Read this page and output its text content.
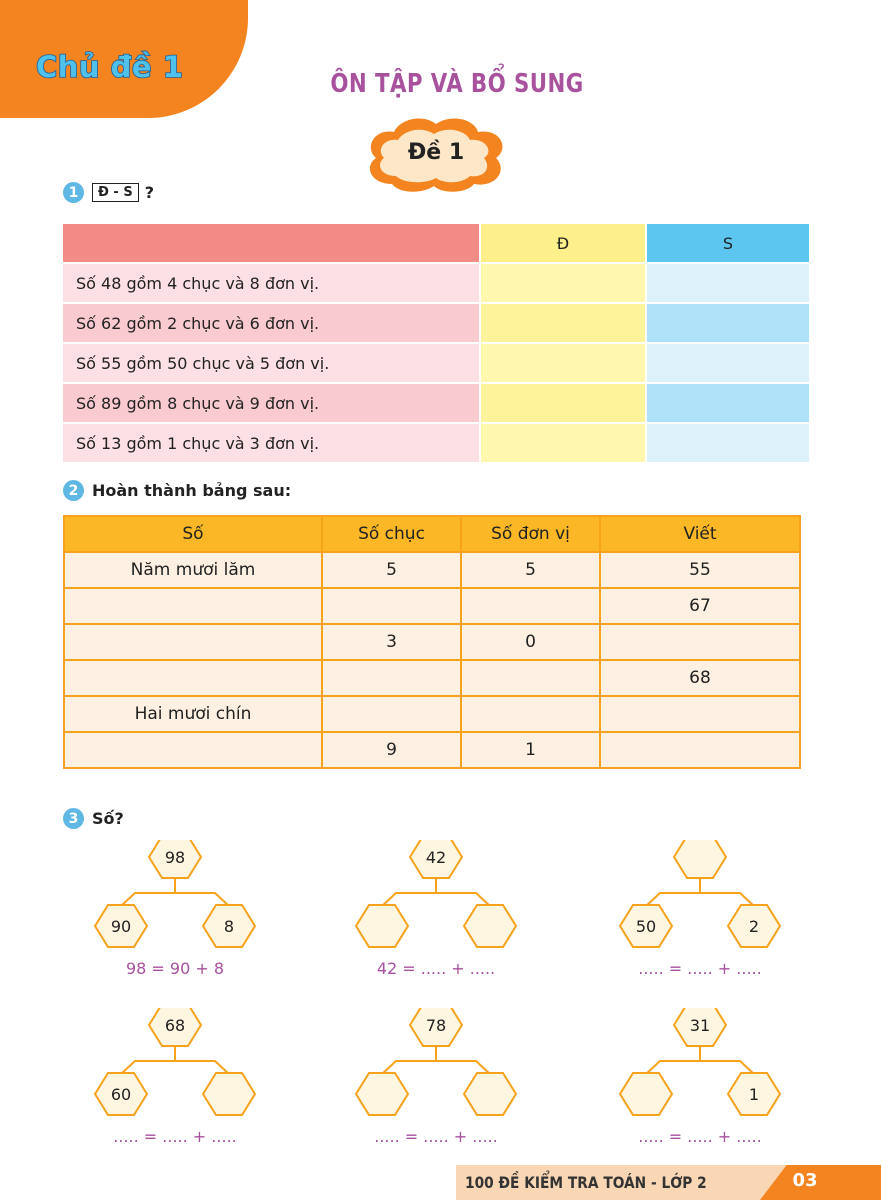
Chủ đề 1	ÔN TẬP VÀ BỔ SUNG
Đề 1
1	Đ - S ?
		Đ		S
Số 48 gồm 4 chục và 8 đơn vị.				
Số 62 gồm 2 chục và 6 đơn vị.				
Số 55 gồm 50 chục và 5 đơn vị.				
Số 89 gồm 8 chục và 9 đơn vị.				
Số 13 gồm 1 chục và 3 đơn vị.				
2 Hoàn thành bảng sau:
Số	Số chục	Số đơn vị	Viết
Năm mươi lăm	5	5	55
			67
	3	0	
			68
Hai mươi chín			
	9	1	
3 Số?
98
90	8
98 = 90 + 8
42
42 = ..... + .....
50	2
..... = ..... + .....
68
60
..... = ..... + .....
78
..... = ..... + .....
31
1
..... = ..... + .....
100 ĐỀ KIỂM TRA TOÁN - LỚP 2	03
